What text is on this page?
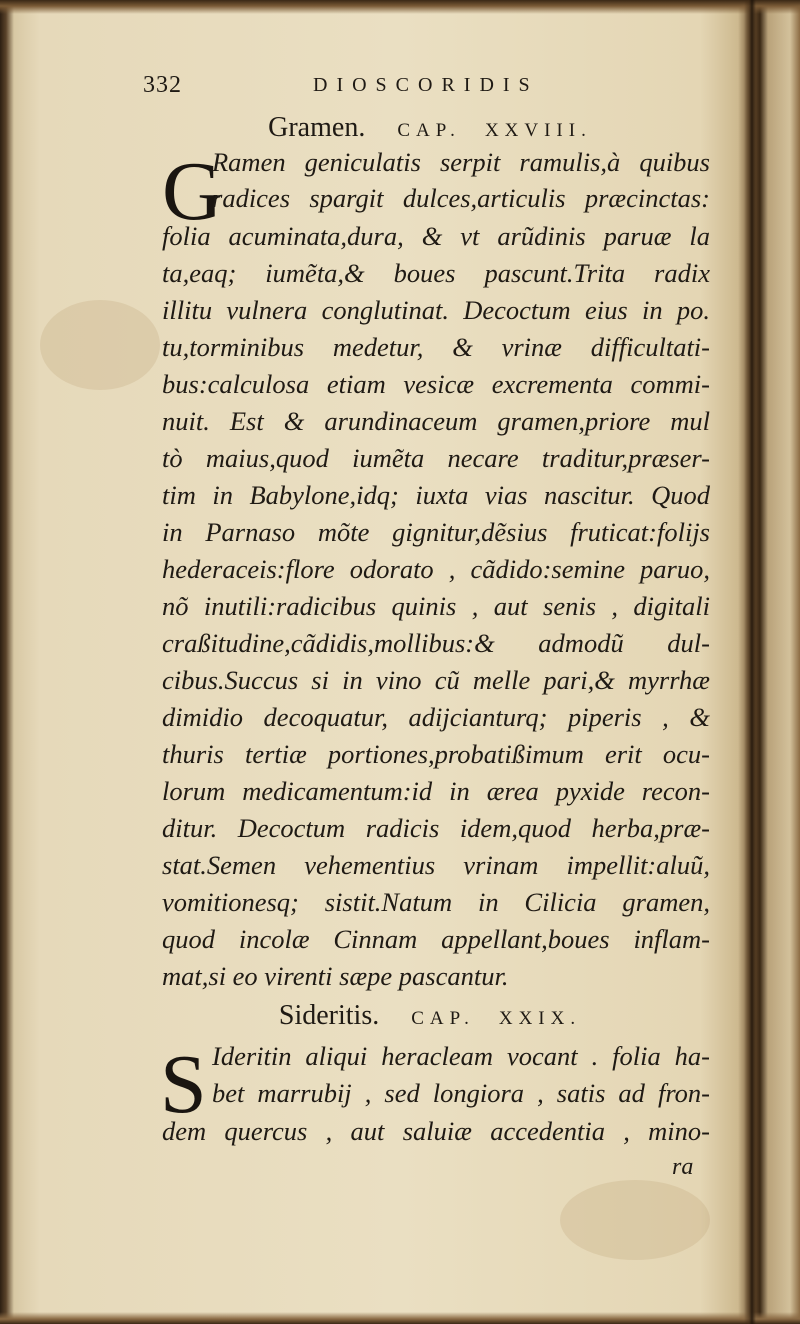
332	DIOSCORIDIS
Gramen. CAP. XXVIII.
G
Ramen geniculatis serpit ramulis,à quibus
radices spargit dulces,articulis præcinctas:
folia acuminata,dura, & vt arũdinis paruæ la
ta,eaq; iumẽta,& boues pascunt.Trita radix
illitu vulnera conglutinat. Decoctum eius in po.
tu,torminibus medetur, & vrinæ difficultati-
bus:calculosa etiam vesicæ excrementa commi-
nuit. Est & arundinaceum gramen,priore mul
tò maius,quod iumẽta necare traditur,præser-
tim in Babylone,idq; iuxta vias nascitur. Quod
in Parnaso mõte gignitur,dẽsius fruticat:folijs
hederaceis:flore odorato , cãdido:semine paruo,
nõ inutili:radicibus quinis , aut senis , digitali
craßitudine,cãdidis,mollibus:& admodũ dul-
cibus.Succus si in vino cũ melle pari,& myrrhæ
dimidio decoquatur, adijcianturq; piperis , &
thuris tertiæ portiones,probatißimum erit ocu-
lorum medicamentum:id in ærea pyxide recon-
ditur. Decoctum radicis idem,quod herba,præ-
stat.Semen vehementius vrinam impellit:aluũ,
vomitionesq; sistit.Natum in Cilicia gramen,
quod incolæ Cinnam appellant,boues inflam-
mat,si eo virenti sæpe pascantur.
Sideritis. CAP. XXIX.
S Ideritin aliqui heracleam vocant . folia ha-
bet marrubij , sed longiora , satis ad fron-
dem quercus , aut saluiæ accedentia , mino-
ra
